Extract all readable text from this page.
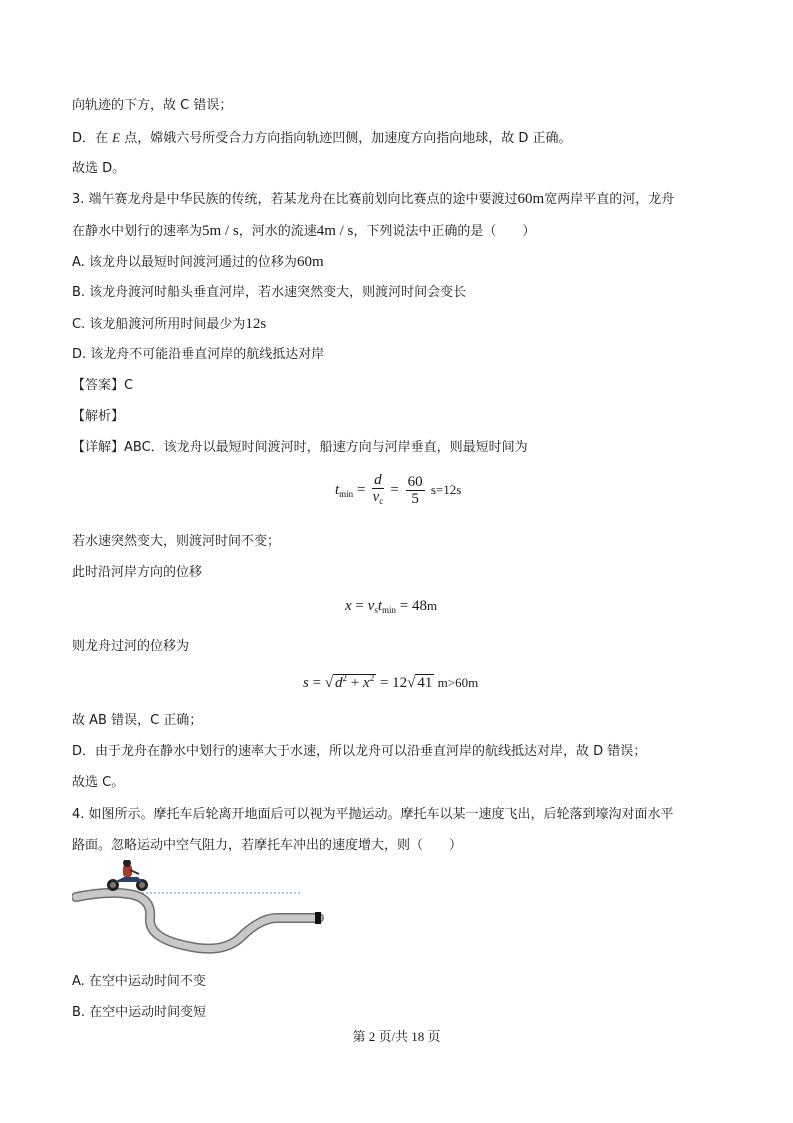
向轨迹的下方，故 C 错误；
D．在 E 点，嫦娥六号所受合力方向指向轨迹凹侧，加速度方向指向地球，故 D 正确。
故选 D。
3. 端午赛龙舟是中华民族的传统，若某龙舟在比赛前划向比赛点的途中要渡过60m宽两岸平直的河，龙舟
在静水中划行的速率为5m / s，河水的流速4m / s，下列说法中正确的是（　　）
A. 该龙舟以最短时间渡河通过的位移为60m
B. 该龙舟渡河时船头垂直河岸，若水速突然变大，则渡河时间会变长
C. 该龙船渡河所用时间最少为12s
D. 该龙舟不可能沿垂直河岸的航线抵达对岸
【答案】C
【解析】
【详解】ABC．该龙舟以最短时间渡河时，船速方向与河岸垂直，则最短时间为
$t_{min} = \frac{d}{v_c} = \frac{60}{5} s=12s$
若水速突然变大，则渡河时间不变；
此时沿河岸方向的位移
$x = v_st_{min} = 48m$
则龙舟过河的位移为
s = √ $d^2 + x^2 = 12√$ 41 m>60m
故 AB 错误，C 正确；
D．由于龙舟在静水中划行的速率大于水速，所以龙舟可以沿垂直河岸的航线抵达对岸，故 D 错误；
故选 C。
4. 如图所示。摩托车后轮离开地面后可以视为平抛运动。摩托车以某一速度飞出，后轮落到壕沟对面水平
路面。忽略运动中空气阻力，若摩托车冲出的速度增大，则（　　）
A. 在空中运动时间不变
B. 在空中运动时间变短
第 2 页/共 18 页
